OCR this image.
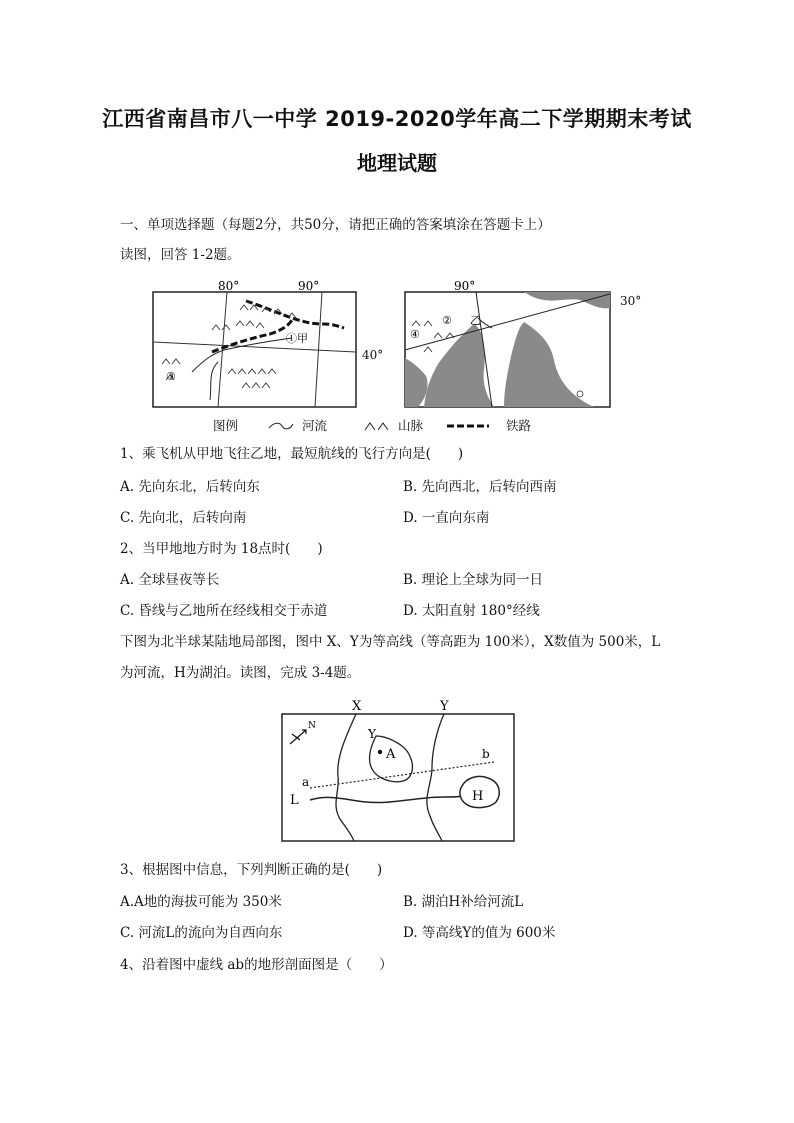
江西省南昌市八一中学 2019-2020学年高二下学期期末考试
地理试题
一、单项选择题（每题2分，共50分，请把正确的答案填涂在答题卡上）
读图，回答 1-2题。
80°	90°
①甲
③
40°
90°
②
④
乙
30°
图例	河流	山脉	铁路
1、乘飞机从甲地飞往乙地，最短航线的飞行方向是(　　)
A. 先向东北，后转向东	B. 先向西北，后转向西南
C. 先向北，后转向南	D. 一直向东南
2、当甲地地方时为 18点时(　　)
A. 全球昼夜等长	B. 理论上全球为同一日
C. 昏线与乙地所在经线相交于赤道	D. 太阳直射 180°经线
下图为北半球某陆地局部图，图中 X、Y为等高线（等高距为 100米），X数值为 500米，L
为河流，H为湖泊。读图，完成 3-4题。
X	Y
Y
A
a
b
L	H
N
3、根据图中信息，下列判断正确的是(　　)
A.A地的海拔可能为 350米	B. 湖泊H补给河流L
C. 河流L的流向为自西向东	D. 等高线Y的值为 600米
4、沿着图中虚线 ab的地形剖面图是（　　）
